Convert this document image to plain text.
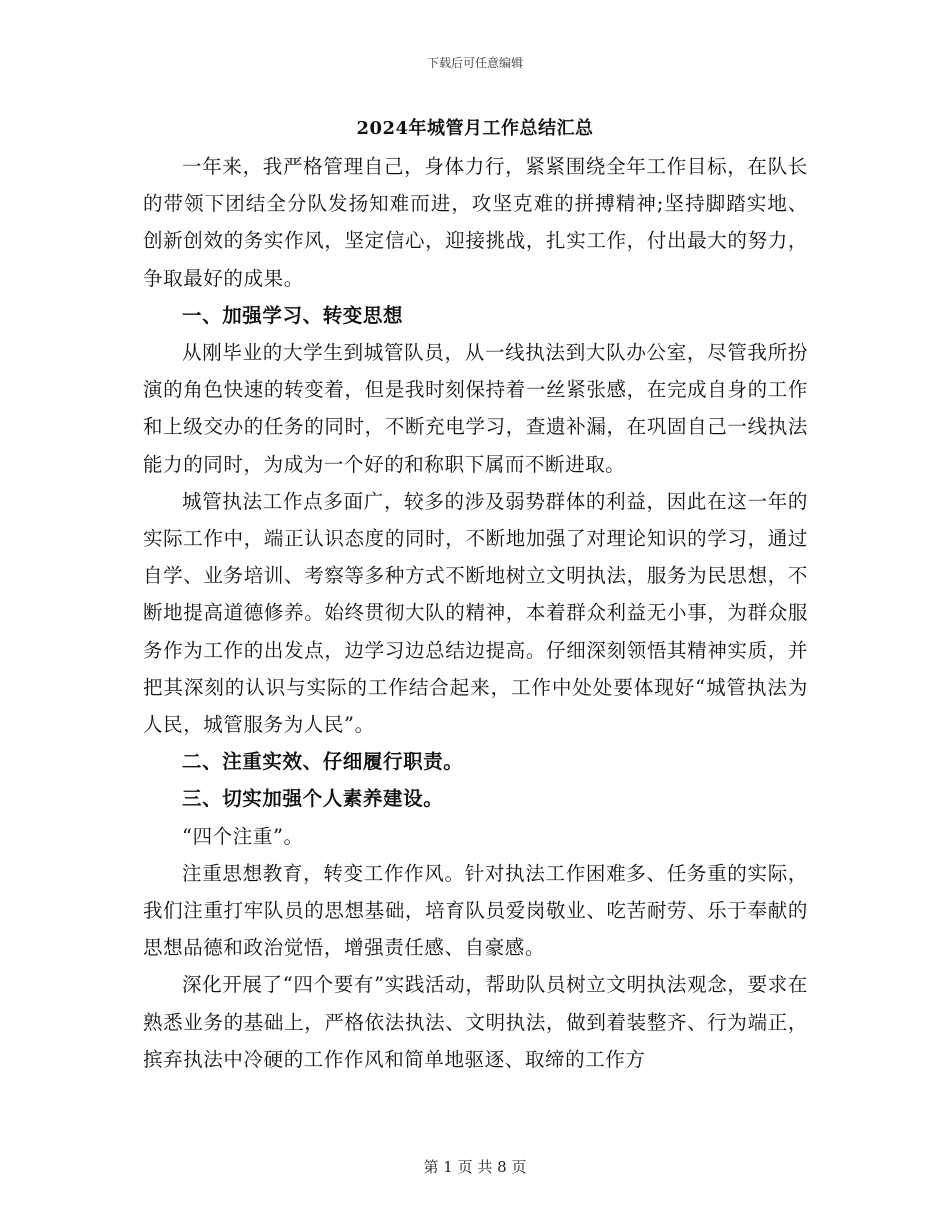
下载后可任意编辑
2024年城管月工作总结汇总

一年来，我严格管理自己，身体力行，紧紧围绕全年工作目标，在队长的带领下团结全分队发扬知难而进，攻坚克难的拼搏精神;坚持脚踏实地、创新创效的务实作风，坚定信心，迎接挑战，扎实工作，付出最大的努力，争取最好的成果。

一、加强学习、转变思想

从刚毕业的大学生到城管队员，从一线执法到大队办公室，尽管我所扮演的角色快速的转变着，但是我时刻保持着一丝紧张感，在完成自身的工作和上级交办的任务的同时，不断充电学习，查遗补漏，在巩固自己一线执法能力的同时，为成为一个好的和称职下属而不断进取。

城管执法工作点多面广，较多的涉及弱势群体的利益，因此在这一年的实际工作中，端正认识态度的同时，不断地加强了对理论知识的学习，通过自学、业务培训、考察等多种方式不断地树立文明执法，服务为民思想，不断地提高道德修养。始终贯彻大队的精神，本着群众利益无小事，为群众服务作为工作的出发点，边学习边总结边提高。仔细深刻领悟其精神实质，并把其深刻的认识与实际的工作结合起来，工作中处处要体现好“城管执法为人民，城管服务为人民”。

二、注重实效、仔细履行职责。

三、切实加强个人素养建设。

“四个注重”。

注重思想教育，转变工作作风。针对执法工作困难多、任务重的实际，我们注重打牢队员的思想基础，培育队员爱岗敬业、吃苦耐劳、乐于奉献的思想品德和政治觉悟，增强责任感、自豪感。

深化开展了“四个要有”实践活动，帮助队员树立文明执法观念，要求在熟悉业务的基础上，严格依法执法、文明执法，做到着装整齐、行为端正，摈弃执法中冷硬的工作作风和简单地驱逐、取缔的工作方

第 1 页 共 8 页
